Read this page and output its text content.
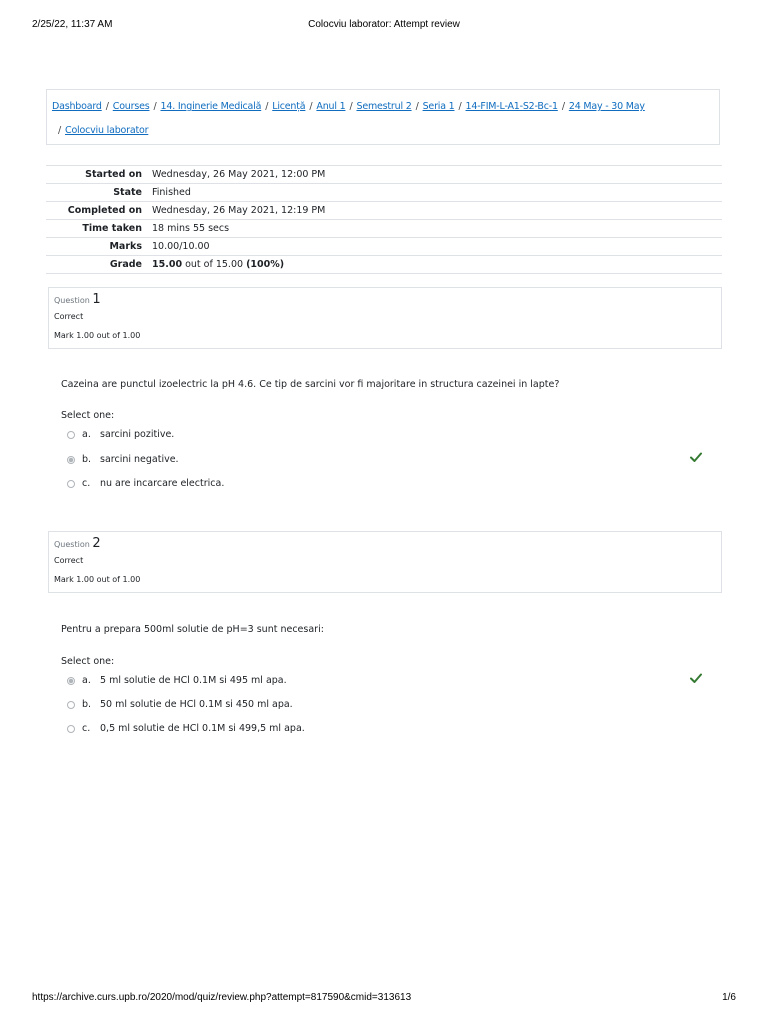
2/25/22, 11:37 AM	Colocviu laborator: Attempt review
Dashboard / Courses / 14. Inginerie Medicală / Licență / Anul 1 / Semestrul 2 / Seria 1 / 14-FIM-L-A1-S2-Bc-1 / 24 May - 30 May
/ Colocviu laborator
Started on	Wednesday, 26 May 2021, 12:00 PM
State	Finished
Completed on	Wednesday, 26 May 2021, 12:19 PM
Time taken	18 mins 55 secs
Marks	10.00/10.00
Grade	15.00 out of 15.00 (100%)
Question 1
Correct
Mark 1.00 out of 1.00
Cazeina are punctul izoelectric la pH 4.6. Ce tip de sarcini vor fi majoritare in structura cazeinei in lapte?
Select one:
a. sarcini pozitive.
b. sarcini negative.
c.	nu are incarcare electrica.
Question 2
Correct
Mark 1.00 out of 1.00
Pentru a prepara 500ml solutie de pH=3 sunt necesari:
Select one:
a. 5 ml solutie de HCl 0.1M si 495 ml apa.
b. 50 ml solutie de HCl 0.1M si 450 ml apa.
c.	0,5 ml solutie de HCl 0.1M si 499,5 ml apa.
https://archive.curs.upb.ro/2020/mod/quiz/review.php?attempt=817590&cmid=313613	1/6
